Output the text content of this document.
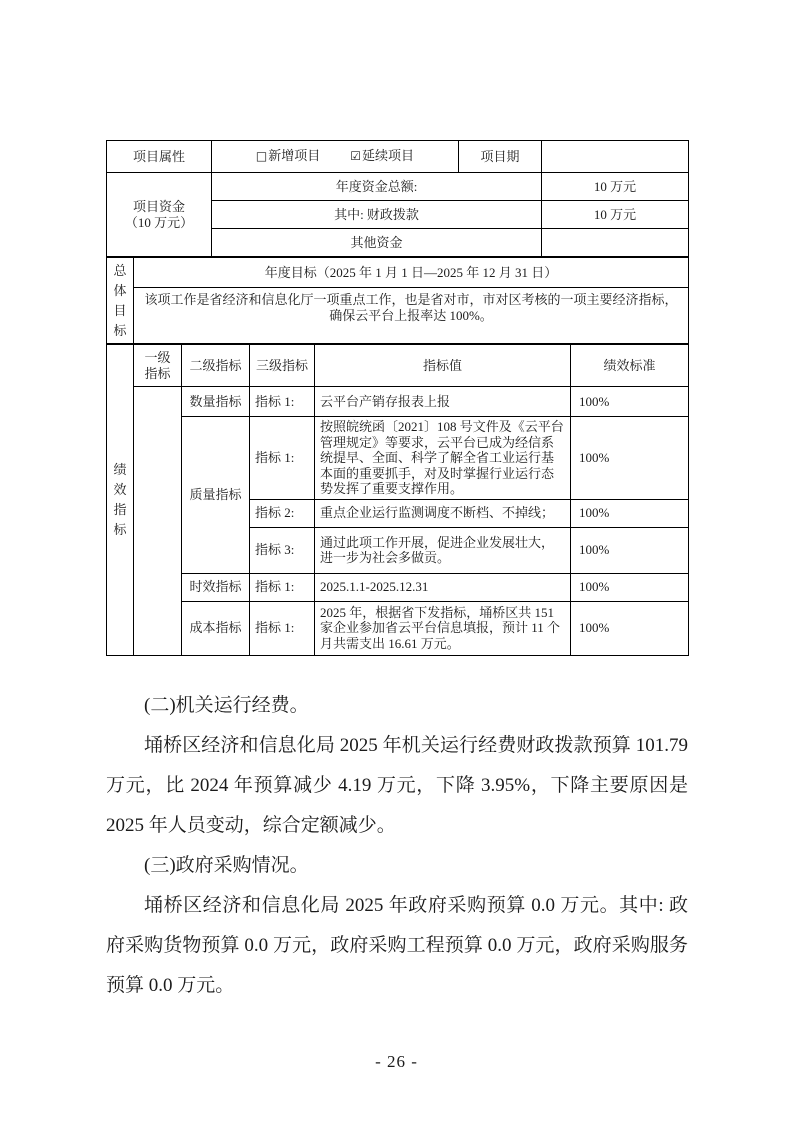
项目属性	□新增项目 ☑延续项目	项目期	

项目资金
（10 万元）	年度资金总额:		10 万元
	其中: 财政拨款		10 万元
	其他资金		
总体目标	年度目标（2025 年 1 月 1 日—2025 年 12 月 31 日）
该项工作是省经济和信息化厅一项重点工作，也是省对市，市对区考核的一项主要经济指标，确保云平台上报率达 100%。
绩效指标	一级指标	二级指标	三级指标	指标值	绩效标准
		数量指标	指标 1:	云平台产销存报表上报	100%
		质量指标	指标 1:	按照皖统函〔2021〕108 号文件及《云平台管理规定》等要求，云平台已成为经信系统提早、全面、科学了解全省工业运行基本面的重要抓手，对及时掌握行业运行态势发挥了重要支撑作用。	100%
			指标 2:	重点企业运行监测调度不断档、不掉线；	100%
			指标 3:	通过此项工作开展，促进企业发展壮大，进一步为社会多做贡。	100%
		时效指标	指标 1:	2025.1.1-2025.12.31	100%
		成本指标	指标 1:	2025 年，根据省下发指标，埇桥区共 151 家企业参加省云平台信息填报，预计 11 个月共需支出 16.61 万元。	100%

(二)机关运行经费。

埇桥区经济和信息化局 2025 年机关运行经费财政拨款预算 101.79 万元，比 2024 年预算减少 4.19 万元，下降 3.95%，下降主要原因是 2025 年人员变动，综合定额减少。

(三)政府采购情况。

埇桥区经济和信息化局 2025 年政府采购预算 0.0 万元。其中: 政府采购货物预算 0.0 万元，政府采购工程预算 0.0 万元，政府采购服务预算 0.0 万元。

- 26 -
